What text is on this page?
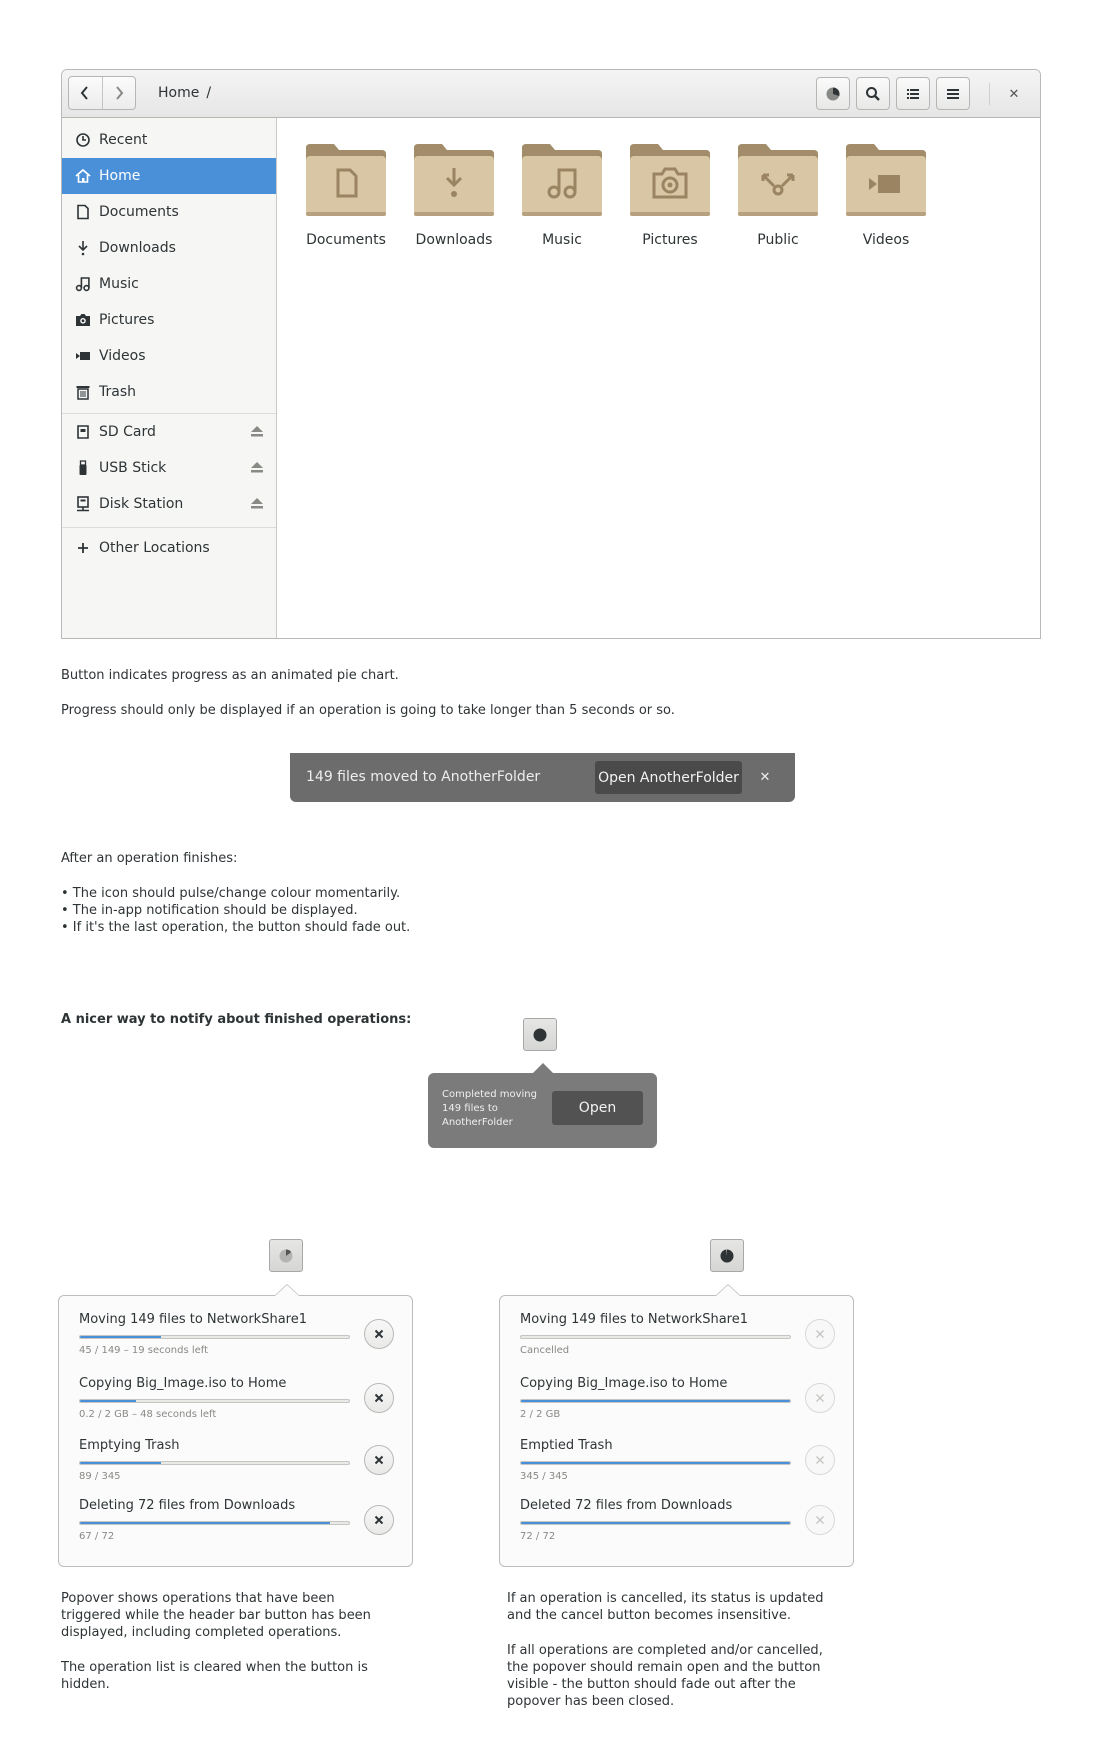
Home /	✕
Recent
Home
Documents
Downloads
Music
Pictures
Videos
Trash
SD Card
USB Stick
Disk Station
Other Locations
Documents	Downloads	Music	Pictures	Public	Videos
Button indicates progress as an animated pie chart.
Progress should only be displayed if an operation is going to take longer than 5 seconds or so.
149 files moved to AnotherFolder	Open AnotherFolder ✕
After an operation finishes:
• The icon should pulse/change colour momentarily.
• The in-app notification should be displayed.
• If it's the last operation, the button should fade out.
A nicer way to notify about finished operations:
Completed moving 149 files to AnotherFolder
Open
Moving 149 files to NetworkShare1
45 / 149 – 19 seconds left
Copying Big_Image.iso to Home
0.2 / 2 GB – 48 seconds left
Emptying Trash
89 / 345
Deleting 72 files from Downloads
67 / 72
Moving 149 files to NetworkShare1
Cancelled
Copying Big_Image.iso to Home
2 / 2 GB
Emptied Trash
345 / 345
Deleted 72 files from Downloads
72 / 72
Popover shows operations that have been triggered while the header bar button has been displayed, including completed operations.
The operation list is cleared when the button is hidden.
If an operation is cancelled, its status is updated and the cancel button becomes insensitive.
If all operations are completed and/or cancelled, the popover should remain open and the button visible - the button should fade out after the popover has been closed.
